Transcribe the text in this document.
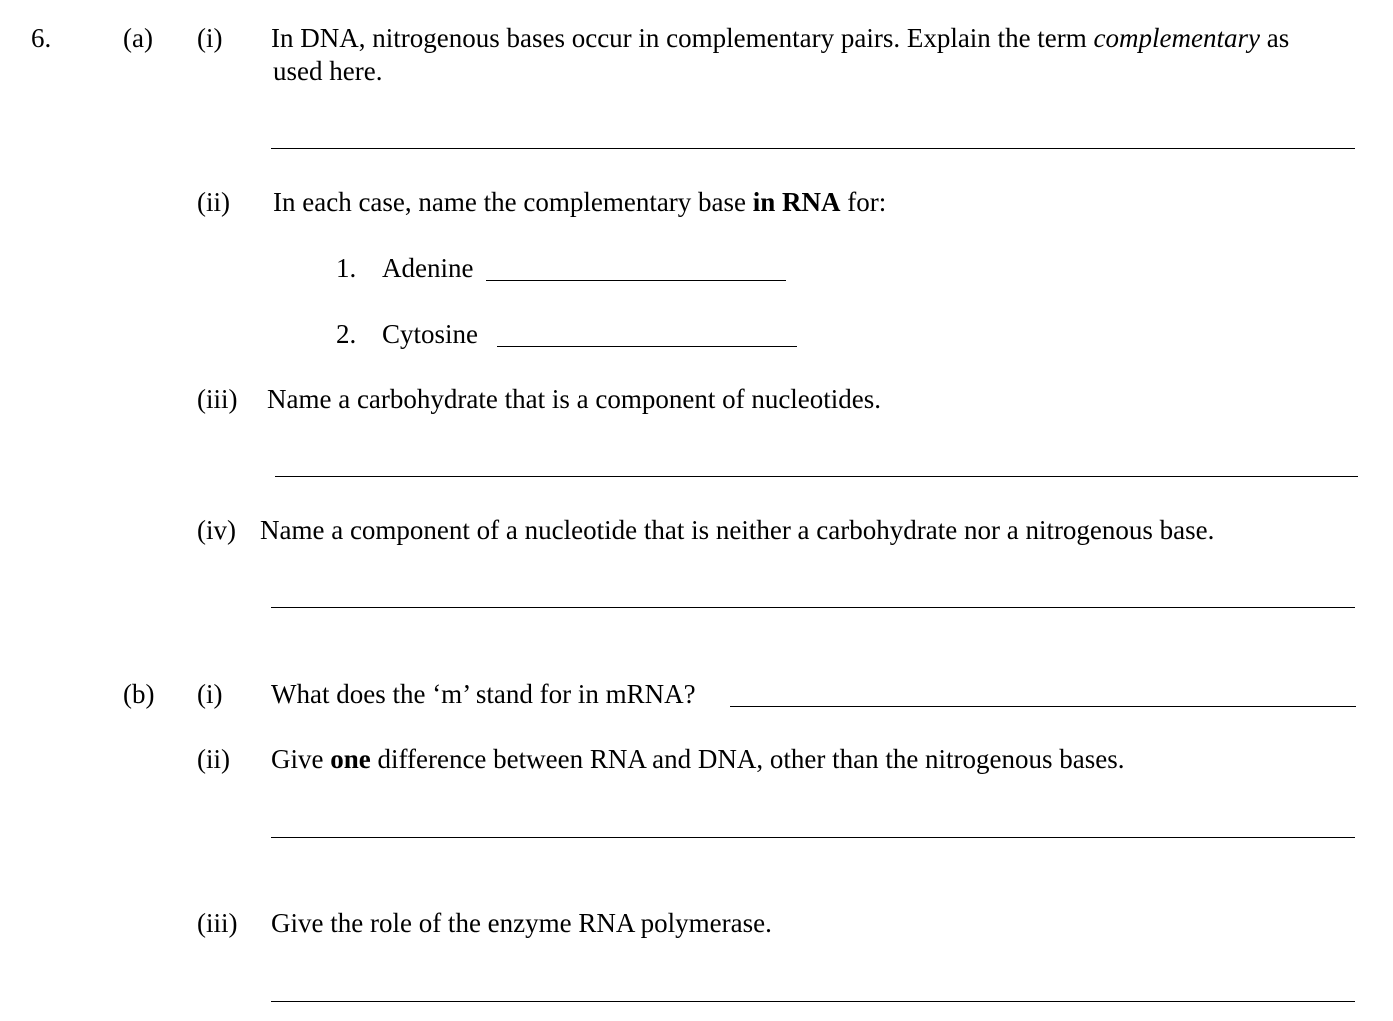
6.	(a) (i) In DNA, nitrogenous bases occur in complementary pairs. Explain the term complementary as
used here.
(ii) In each case, name the complementary base in RNA for:
1. Adenine
2. Cytosine
(iii) Name a carbohydrate that is a component of nucleotides.
(iv) Name a component of a nucleotide that is neither a carbohydrate nor a nitrogenous base.
(b) (i) What does the ‘m’ stand for in mRNA?
(ii) Give one difference between RNA and DNA, other than the nitrogenous bases.
(iii) Give the role of the enzyme RNA polymerase.
